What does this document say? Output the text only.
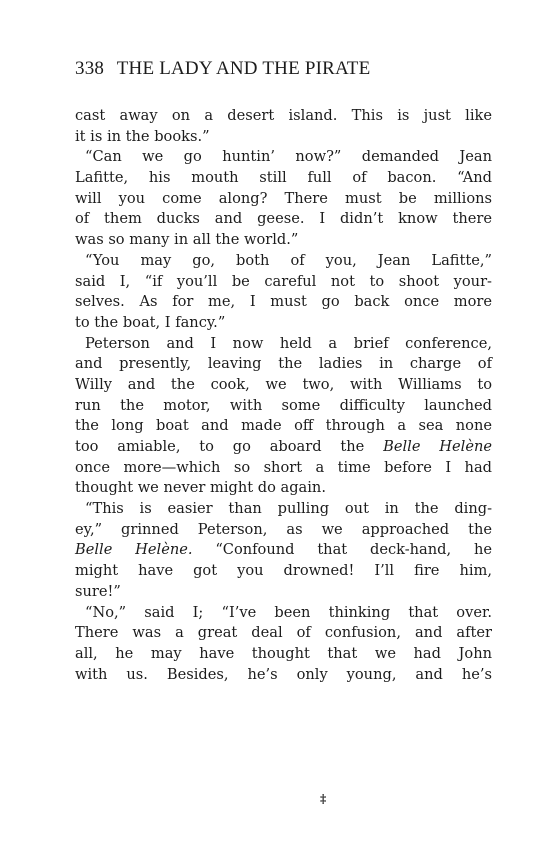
338 THE LADY AND THE PIRATE
cast away on a desert island. This is just like
it is in the books.”
“Can we go huntin’ now?” demanded Jean
Lafitte, his mouth still full of bacon. “And
will you come along? There must be millions
of them ducks and geese. I didn’t know there
was so many in all the world.”
“You may go, both of you, Jean Lafitte,”
said I, “if you’ll be careful not to shoot your-
selves. As for me, I must go back once more
to the boat, I fancy.”
Peterson and I now held a brief conference,
and presently, leaving the ladies in charge of
Willy and the cook, we two, with Williams to
run the motor, with some difficulty launched
the long boat and made off through a sea none
too amiable, to go aboard the Belle Helène
once more—which so short a time before I had
thought we never might do again.
“This is easier than pulling out in the ding-
ey,” grinned Peterson, as we approached the
Belle Helène. “Confound that deck-hand, he
might have got you drowned! I’ll fire him,
sure!”
“No,” said I; “I’ve been thinking that over.
There was a great deal of confusion, and after
all, he may have thought that we had John
with us. Besides, he’s only young, and he’s
‡
